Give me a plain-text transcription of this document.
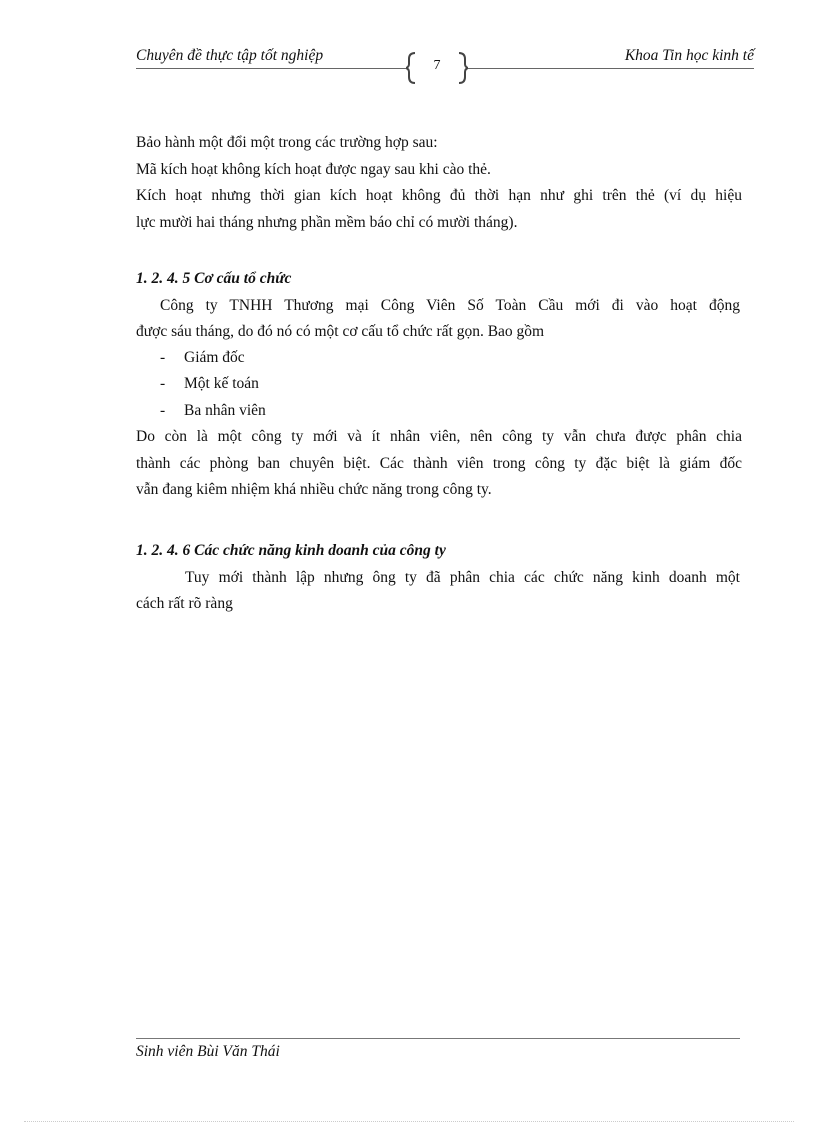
Chuyên đề thực tập tốt nghiệp
7
Khoa Tin học kinh tế
Bảo hành một đổi một trong các trường hợp sau:
Mã kích hoạt không kích hoạt được ngay sau khi cào thẻ.
Kích hoạt nhưng thời gian kích hoạt không đủ thời hạn như ghi trên thẻ (ví dụ hiệu
lực mười hai tháng nhưng phần mềm báo chỉ có mười tháng).
1. 2. 4. 5 Cơ cấu tổ chức
Công ty TNHH Thương mại Công Viên Số Toàn Cầu mới đi vào hoạt động
được sáu tháng, do đó nó có một cơ cấu tổ chức rất gọn. Bao gồm
- Giám đốc
- Một kế toán
- Ba nhân viên
Do còn là một công ty mới và ít nhân viên, nên công ty vẫn chưa được phân chia
thành các phòng ban chuyên biệt. Các thành viên trong công ty đặc biệt là giám đốc
vẫn đang kiêm nhiệm khá nhiều chức năng trong công ty.
1. 2. 4. 6 Các chức năng kinh doanh của công ty
Tuy mới thành lập nhưng ông ty đã phân chia các chức năng kinh doanh một
cách rất rõ ràng
Sinh viên Bùi Văn Thái
